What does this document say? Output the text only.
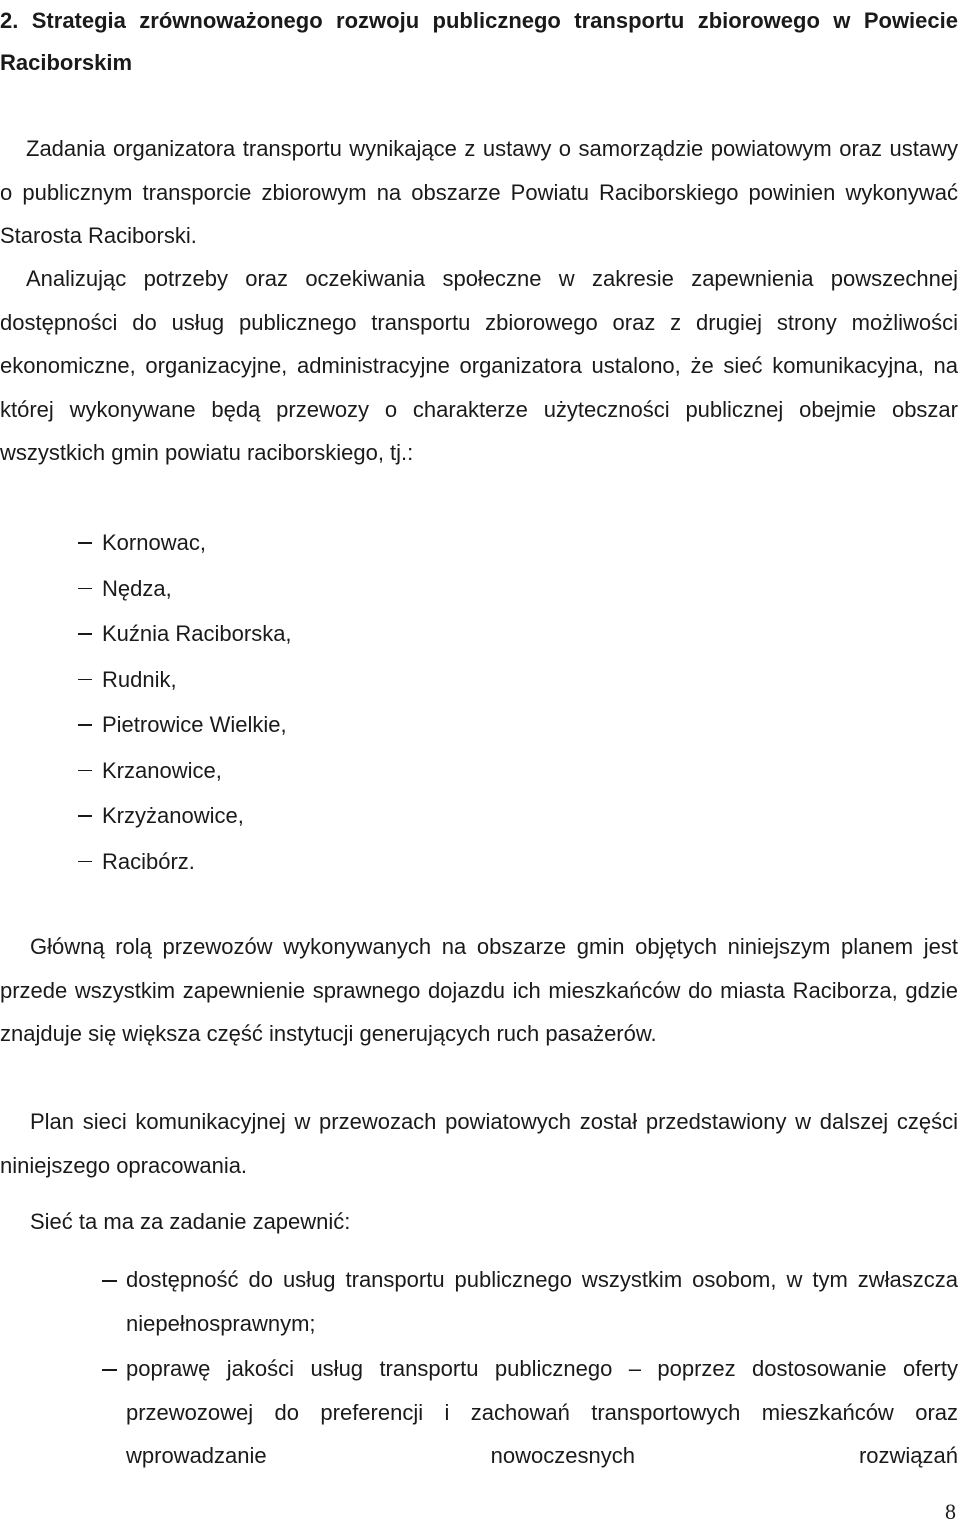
2. Strategia zrównoważonego rozwoju publicznego transportu zbiorowego w Powiecie Raciborskim

Zadania organizatora transportu wynikające z ustawy o samorządzie powiatowym oraz ustawy o publicznym transporcie zbiorowym na obszarze Powiatu Raciborskiego powinien wykonywać Starosta Raciborski.

Analizując potrzeby oraz oczekiwania społeczne w zakresie zapewnienia powszechnej dostępności do usług publicznego transportu zbiorowego oraz z drugiej strony możliwości ekonomiczne, organizacyjne, administracyjne organizatora ustalono, że sieć komunikacyjna, na której wykonywane będą przewozy o charakterze użyteczności publicznej obejmie obszar wszystkich gmin powiatu raciborskiego, tj.:

Kornowac,
Nędza,
Kuźnia Raciborska,
Rudnik,
Pietrowice Wielkie,
Krzanowice,
Krzyżanowice,
Racibórz.

Główną rolą przewozów wykonywanych na obszarze gmin objętych niniejszym planem jest przede wszystkim zapewnienie sprawnego dojazdu ich mieszkańców do miasta Raciborza, gdzie znajduje się większa część instytucji generujących ruch pasażerów.

Plan sieci komunikacyjnej w przewozach powiatowych został przedstawiony w dalszej części niniejszego opracowania.

Sieć ta ma za zadanie zapewnić:

dostępność do usług transportu publicznego wszystkim osobom, w tym zwłaszcza niepełnosprawnym;
poprawę jakości usług transportu publicznego – poprzez dostosowanie oferty przewozowej do preferencji i zachowań transportowych mieszkańców oraz wprowadzanie nowoczesnych rozwiązań
8
